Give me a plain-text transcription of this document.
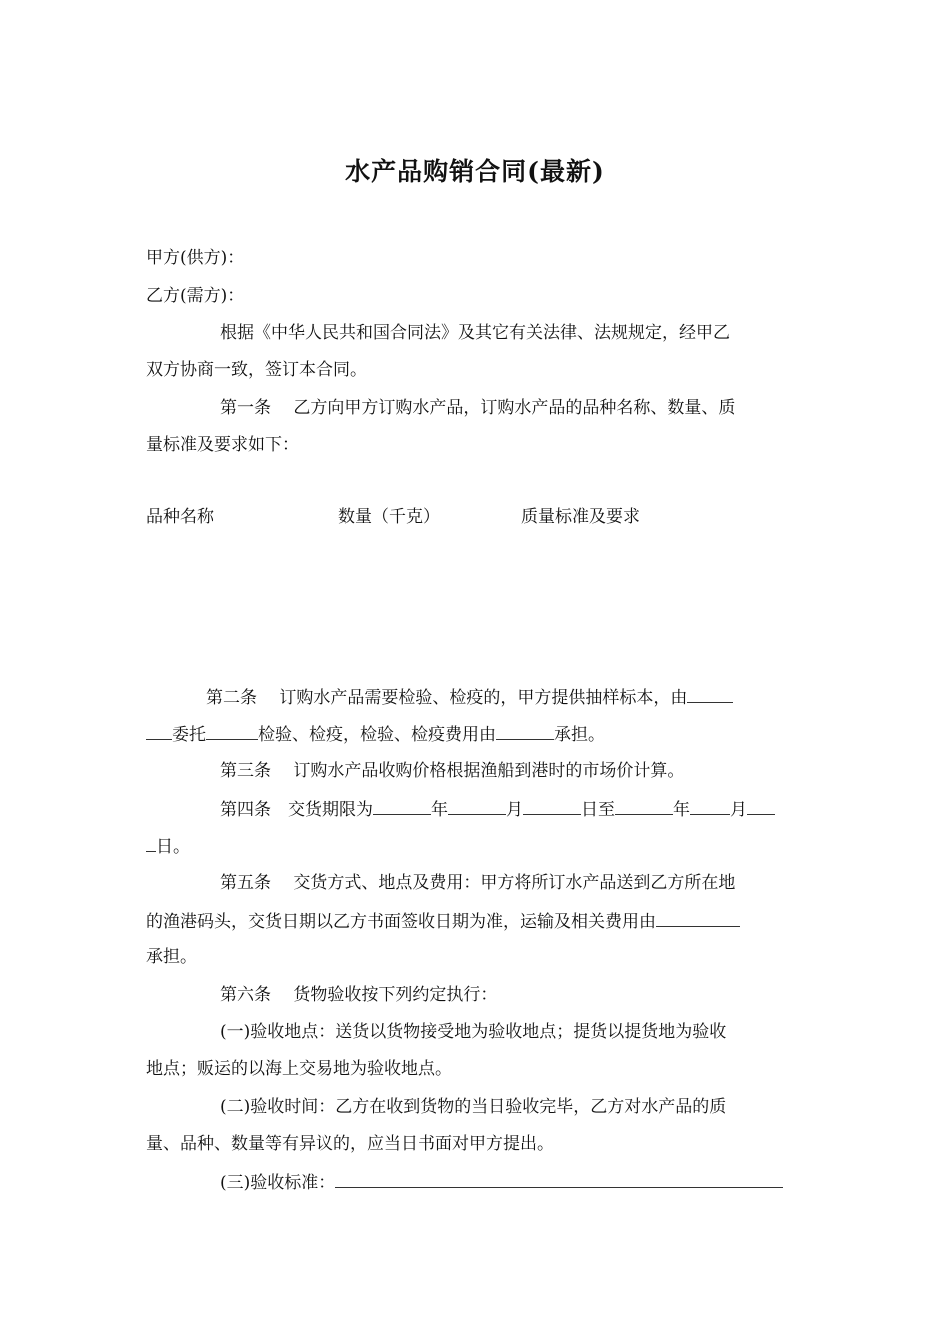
水产品购销合同(最新)
甲方(供方)：
乙方(需方)：
根据《中华人民共和国合同法》及其它有关法律、法规规定，经甲乙
双方协商一致，签订本合同。
第一条　 乙方向甲方订购水产品，订购水产品的品种名称、数量、质
量标准及要求如下：
品种名称	数量（千克）	质量标准及要求
第二条　 订购水产品需要检验、检疫的，甲方提供抽样标本，由
委托	检验、检疫，检验、检疫费用由	承担。
第三条　 订购水产品收购价格根据渔船到港时的市场价计算。
第四条　交货期限为	年	月	日至	年 月
日。
第五条　 交货方式、地点及费用：甲方将所订水产品送到乙方所在地
的渔港码头，交货日期以乙方书面签收日期为准，运输及相关费用由
承担。
第六条　 货物验收按下列约定执行：
(一)验收地点：送货以货物接受地为验收地点；提货以提货地为验收
地点；贩运的以海上交易地为验收地点。
(二)验收时间：乙方在收到货物的当日验收完毕，乙方对水产品的质
量、品种、数量等有异议的，应当日书面对甲方提出。
(三)验收标准：
